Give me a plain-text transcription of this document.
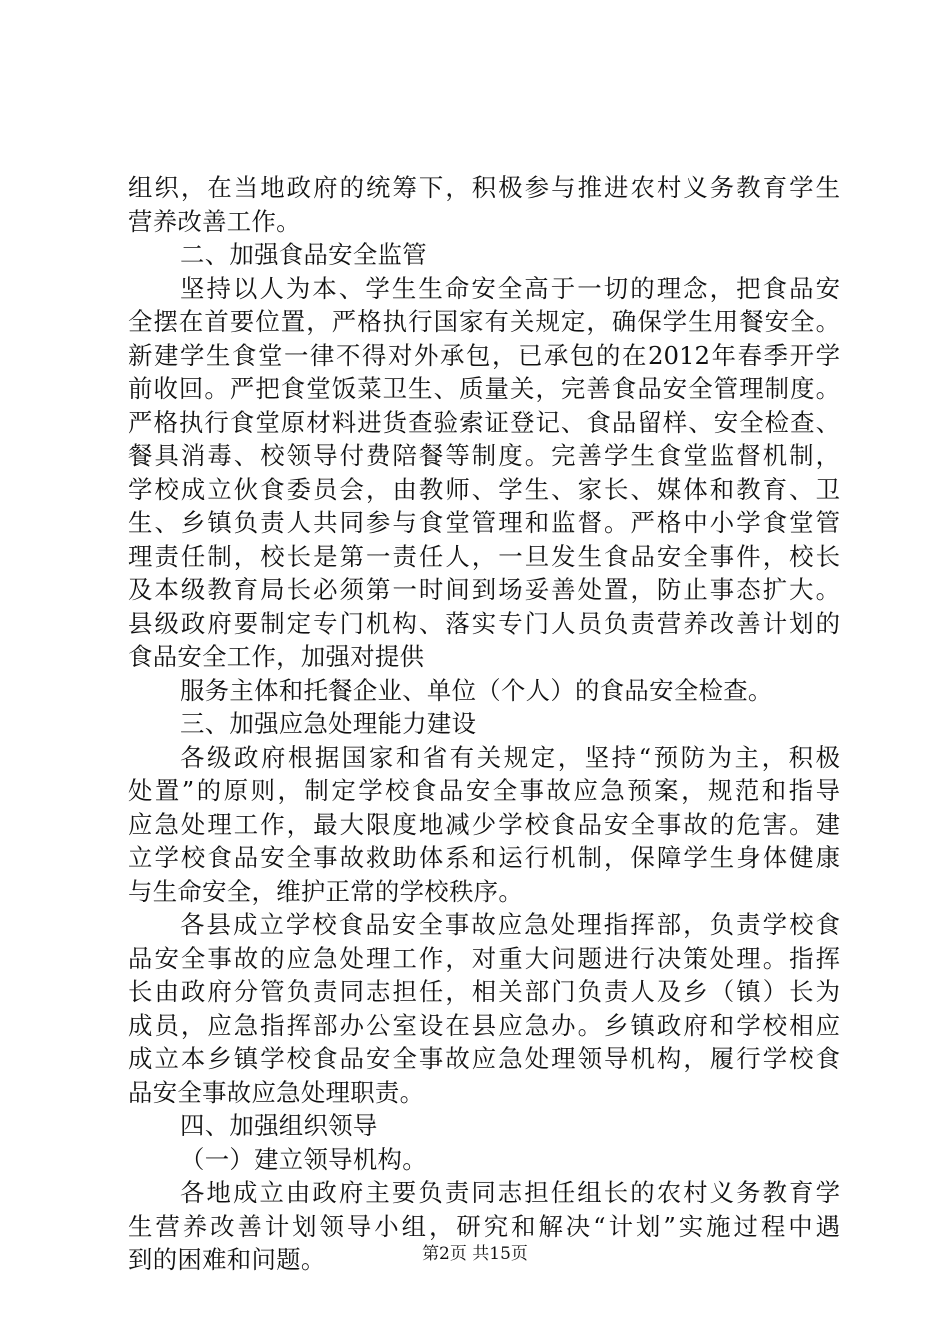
组织，在当地政府的统筹下，积极参与推进农村义务教育学生
营养改善工作。
二、加强食品安全监管
坚持以人为本、学生生命安全高于一切的理念，把食品安
全摆在首要位置，严格执行国家有关规定，确保学生用餐安全。
新建学生食堂一律不得对外承包，已承包的在2012年春季开学
前收回。严把食堂饭菜卫生、质量关，完善食品安全管理制度。
严格执行食堂原材料进货查验索证登记、食品留样、安全检查、
餐具消毒、校领导付费陪餐等制度。完善学生食堂监督机制，
学校成立伙食委员会，由教师、学生、家长、媒体和教育、卫
生、乡镇负责人共同参与食堂管理和监督。严格中小学食堂管
理责任制，校长是第一责任人，一旦发生食品安全事件，校长
及本级教育局长必须第一时间到场妥善处置，防止事态扩大。
县级政府要制定专门机构、落实专门人员负责营养改善计划的
食品安全工作，加强对提供
服务主体和托餐企业、单位（个人）的食品安全检查。
三、加强应急处理能力建设
各级政府根据国家和省有关规定，坚持“预防为主，积极
处置”的原则，制定学校食品安全事故应急预案，规范和指导
应急处理工作，最大限度地减少学校食品安全事故的危害。建
立学校食品安全事故救助体系和运行机制，保障学生身体健康
与生命安全，维护正常的学校秩序。
各县成立学校食品安全事故应急处理指挥部，负责学校食
品安全事故的应急处理工作，对重大问题进行决策处理。指挥
长由政府分管负责同志担任，相关部门负责人及乡（镇）长为
成员，应急指挥部办公室设在县应急办。乡镇政府和学校相应
成立本乡镇学校食品安全事故应急处理领导机构，履行学校食
品安全事故应急处理职责。
四、加强组织领导
（一）建立领导机构。
各地成立由政府主要负责同志担任组长的农村义务教育学
生营养改善计划领导小组，研究和解决“计划”实施过程中遇
到的困难和问题。	第2页 共15页
